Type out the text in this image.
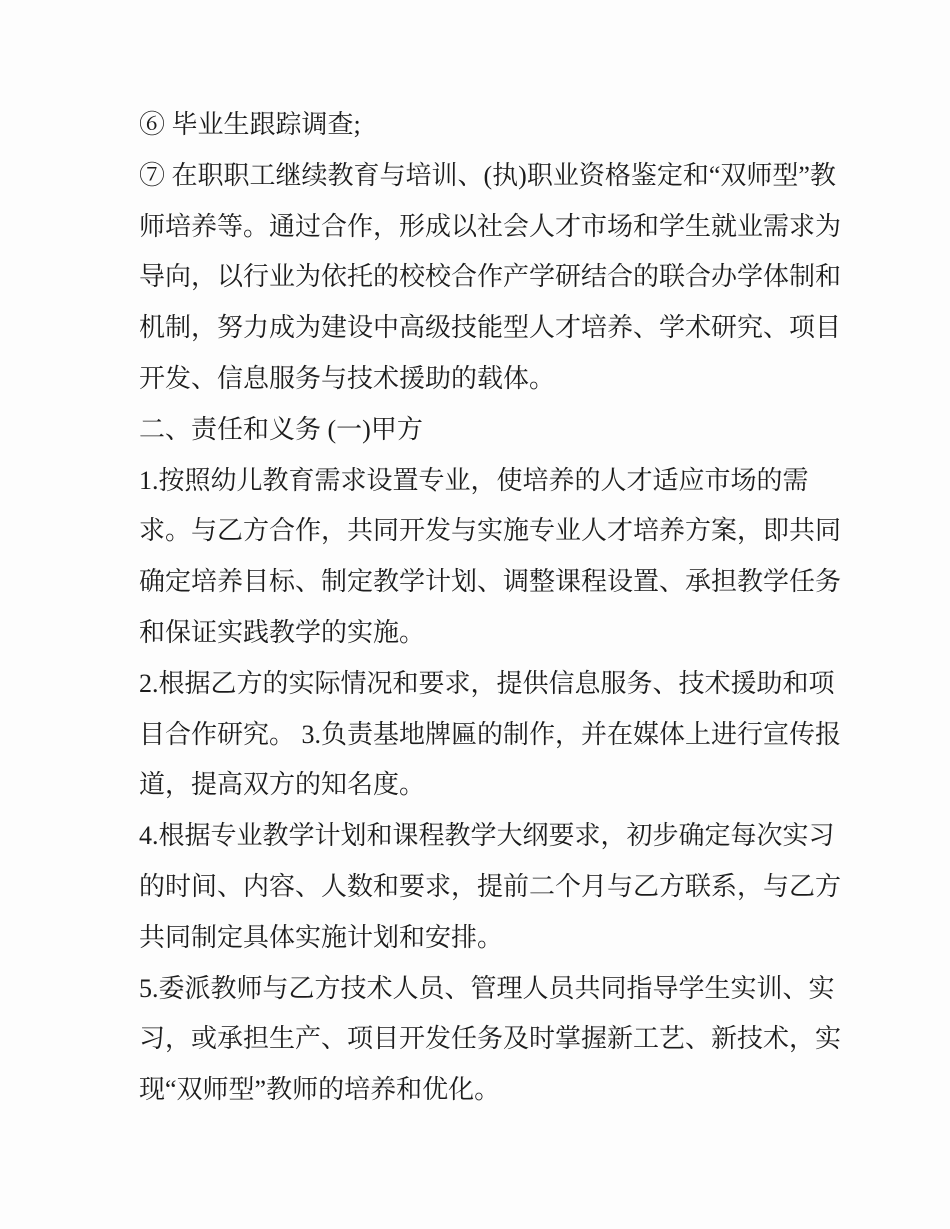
⑥ 毕业生跟踪调查;
⑦ 在职职工继续教育与培训、(执)职业资格鉴定和“双师型”教
师培养等。通过合作，形成以社会人才市场和学生就业需求为
导向，以行业为依托的校校合作产学研结合的联合办学体制和
机制，努力成为建设中高级技能型人才培养、学术研究、项目
开发、信息服务与技术援助的载体。
二、责任和义务 (一)甲方
1.按照幼儿教育需求设置专业，使培养的人才适应市场的需
求。与乙方合作，共同开发与实施专业人才培养方案，即共同
确定培养目标、制定教学计划、调整课程设置、承担教学任务
和保证实践教学的实施。
2.根据乙方的实际情况和要求，提供信息服务、技术援助和项
目合作研究。 3.负责基地牌匾的制作，并在媒体上进行宣传报
道，提高双方的知名度。
4.根据专业教学计划和课程教学大纲要求，初步确定每次实习
的时间、内容、人数和要求，提前二个月与乙方联系，与乙方
共同制定具体实施计划和安排。
5.委派教师与乙方技术人员、管理人员共同指导学生实训、实
习，或承担生产、项目开发任务及时掌握新工艺、新技术，实
现“双师型”教师的培养和优化。
